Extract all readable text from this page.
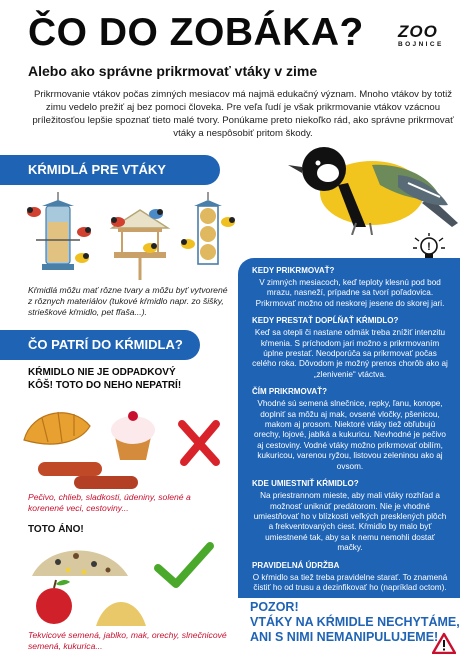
ČO DO ZOBÁKA? ZOO
BOJNICE
Alebo ako správne prikrmovať vtáky v zime
Prikrmovanie vtákov počas zimných mesiacov má najmä edukačný význam. Mnoho vtákov by totiž zimu vedelo prežiť aj bez pomoci človeka. Pre veľa ľudí je však prikrmovanie vtákov vzácnou príležitosťou lepšie spoznať tieto malé tvory. Ponúkame preto niekoľko rád, ako správne prikrmovať vtáky a nespôsobiť pritom škody.
!
KŔMIDLÁ PRE VTÁKY
Kŕmidlá môžu mať rôzne tvary a môžu byť vytvorené z rôznych materiálov (tukové kŕmidlo napr. zo šišky, strieškové kŕmidlo, pet fľaša...).
ČO PATRÍ DO KŔMIDLA?
KŔMIDLO NIE JE ODPADKOVÝ KÔŠ! TOTO DO NEHO NEPATRÍ!
Pečivo, chlieb, sladkosti, údeniny, solené a korenené veci, cestoviny...
TOTO ÁNO!
Tekvicové semená, jablko, mak, orechy, slnečnicové semená, kukurica...
KEDY PRIKRMOVAŤ?

V zimných mesiacoch, keď teploty klesnú pod bod mrazu, nasneží, prípadne sa tvorí poľadovica. Prikrmovať možno od neskorej jesene do skorej jari.

KEDY PRESTAŤ DOPĹŇAŤ KŔMIDLO?

Keď sa otepli či nastane odmäk treba znížiť intenzitu kŕmenia. S príchodom jari možno s prikrmovaním úplne prestať. Neodporúča sa prikrmovať počas celého roka. Dôvodom je možný prenos chorôb ako aj „zlenivenie“ vtáctva.

ČÍM PRIKRMOVAŤ?

Vhodné sú semená slnečnice, repky, ľanu, konope, doplniť sa môžu aj mak, ovsené vločky, pšenicou, makom aj prosom. Niektoré vtáky tiež obľubujú orechy, lojové, jablká a kukuricu. Nevhodné je pečivo aj cestoviny. Vodné vtáky možno prikrmovať obilím, kukuricou, varenou ryžou, listovou zeleninou ako aj ovsom.

KDE UMIESTNIŤ KŔMIDLO?

Na priestrannom mieste, aby mali vtáky rozhľad a možnosť uniknúť predátorom. Nie je vhodné umiestňovať ho v blízkosti veľkých presklených plôch a frekventovaných ciest. Kŕmidlo by malo byť umiestnené tak, aby sa k nemu nemohli dostať mačky.

PRAVIDELNÁ ÚDRŽBA

O kŕmidlo sa tiež treba pravidelne starať. To znamená čistiť ho od trusu a dezinfikovať ho (napríklad octom).

POZOR!
VTÁKY NA KŔMIDLE NECHYTÁME,
ANI S NIMI NEMANIPULUJEME!
